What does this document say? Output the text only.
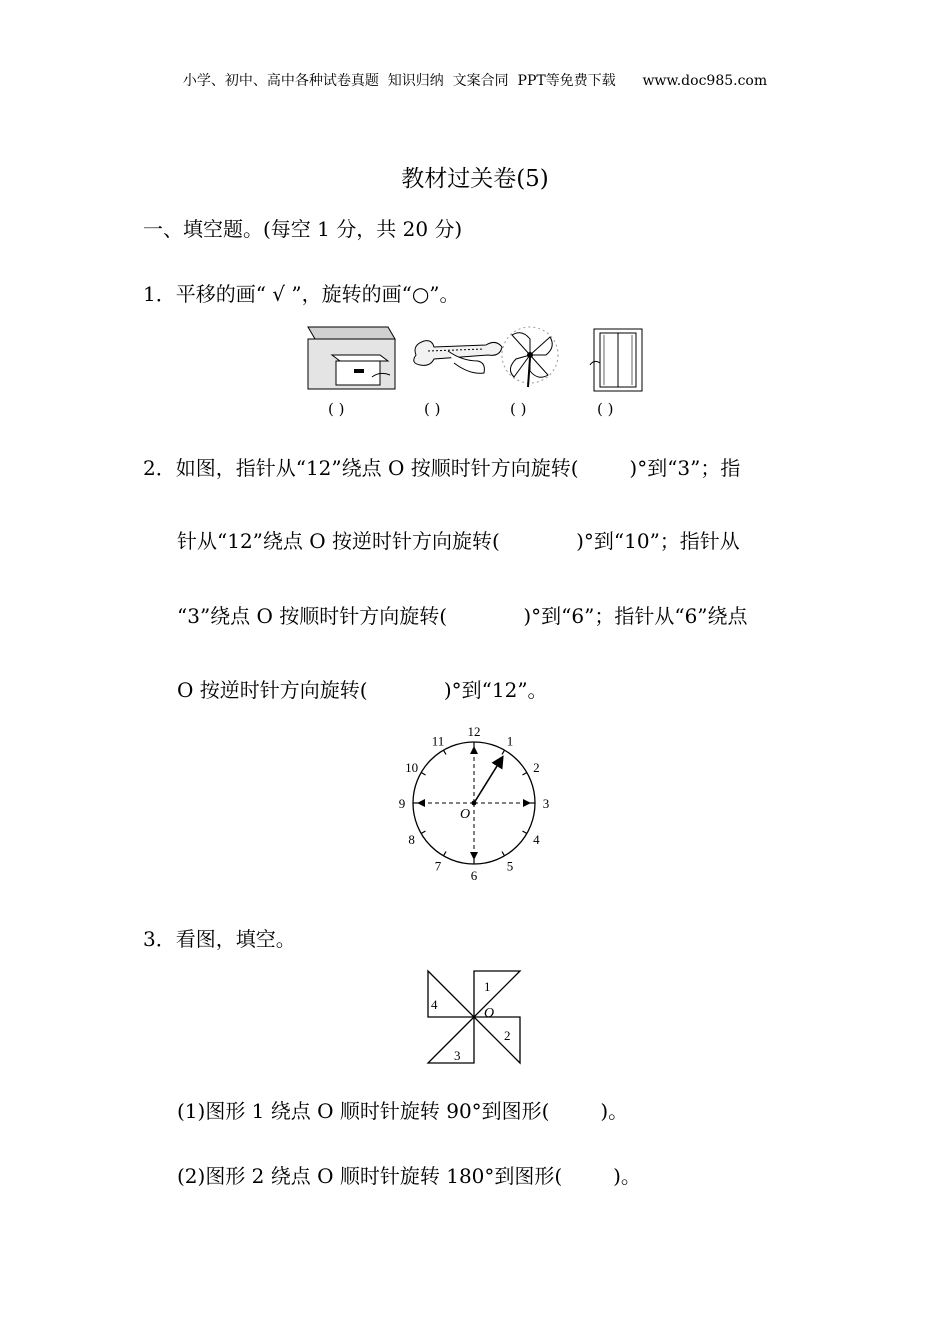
小学、初中、高中各种试卷真题  知识归纳  文案合同  PPT等免费下载      www.doc985.com
教材过关卷(5)
一、填空题。(每空 1 分，共 20 分)
1．平移的画“ √ ”，旋转的画“○”。
( )	( )	( )	( )
2．如图，指针从“12”绕点 O 按顺时针方向旋转(        )°到“3”；指
针从“12”绕点 O 按逆时针方向旋转(            )°到“10”；指针从
“3”绕点 O 按顺时针方向旋转(            )°到“6”；指针从“6”绕点
O 按逆时针方向旋转(            )°到“12”。
O
12
1
2
3
4
5
6
7
8
9
10
11
3．看图，填空。
1
2
3
4
O
(1)图形 1 绕点 O 顺时针旋转 90°到图形(        )。
(2)图形 2 绕点 O 顺时针旋转 180°到图形(        )。
